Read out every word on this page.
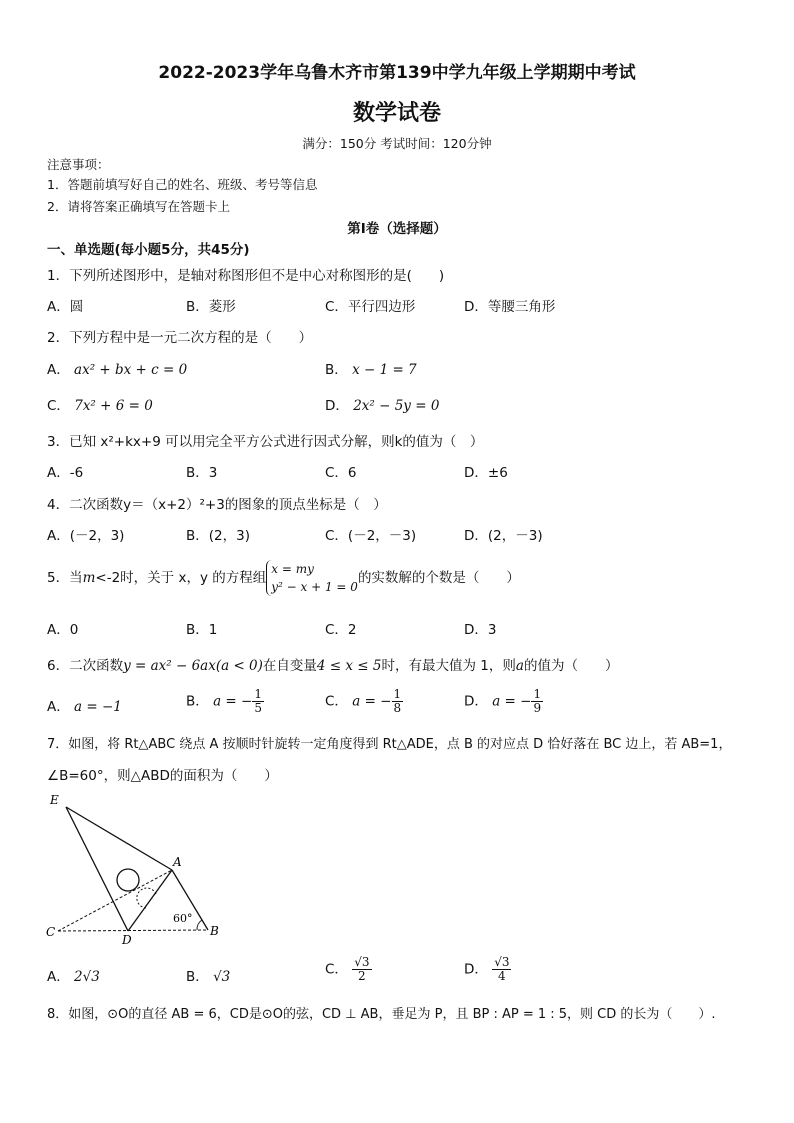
2022-2023学年乌鲁木齐市第139中学九年级上学期期中考试
数学试卷
满分：150分 考试时间：120分钟
注意事项：
1．答题前填写好自己的姓名、班级、考号等信息
2．请将答案正确填写在答题卡上
第I卷（选择题）
一、单选题(每小题5分，共45分)
1．下列所述图形中，是轴对称图形但不是中心对称图形的是(　　)
A．圆	B．菱形	C．平行四边形	D．等腰三角形
2．下列方程中是一元二次方程的是（　　）
A． ax² + bx + c = 0	B． x − 1 = 7
C． 7x² + 6 = 0	D． 2x² − 5y = 0
3．已知 x²+kx+9 可以用完全平方公式进行因式分解，则k的值为（　）
A．-6	B．3	C．6	D．±6
4．二次函数y＝（x+2）²+3的图象的顶点坐标是（　）
A．(－2，3)	B．(2，3)	C．(－2，－3)	D．(2，－3)
5．当m<-2时，关于 x，y 的方程组
x = my
y² − x + 1 = 0
的实数解的个数是（　　）
A．0	B．1	C．2	D．3
6．二次函数y = ax² − 6ax(a < 0)在自变量4 ≤ x ≤ 5时，有最大值为 1，则a的值为（　　）
A． a = −1	B． a = − $\frac{1}{5}$	C． a = − $\frac{1}{8}$	D． a = − $\frac{1}{9}$
7．如图，将 Rt△ABC 绕点 A 按顺时针旋转一定角度得到 Rt△ADE，点 B 的对应点 D 恰好落在 BC 边上，若 AB=1，
∠B=60°，则△ABD的面积为（　　）
E
A
C
D
B
60°
A． 2√3	B． √3	C． $\frac{√3}{2}$	D． $\frac{√3}{4}$
8．如图，⊙O的直径 AB = 6，CD是⊙O的弦，CD ⊥ AB，垂足为 P，且 BP : AP = 1 : 5，则 CD 的长为（　　）.
